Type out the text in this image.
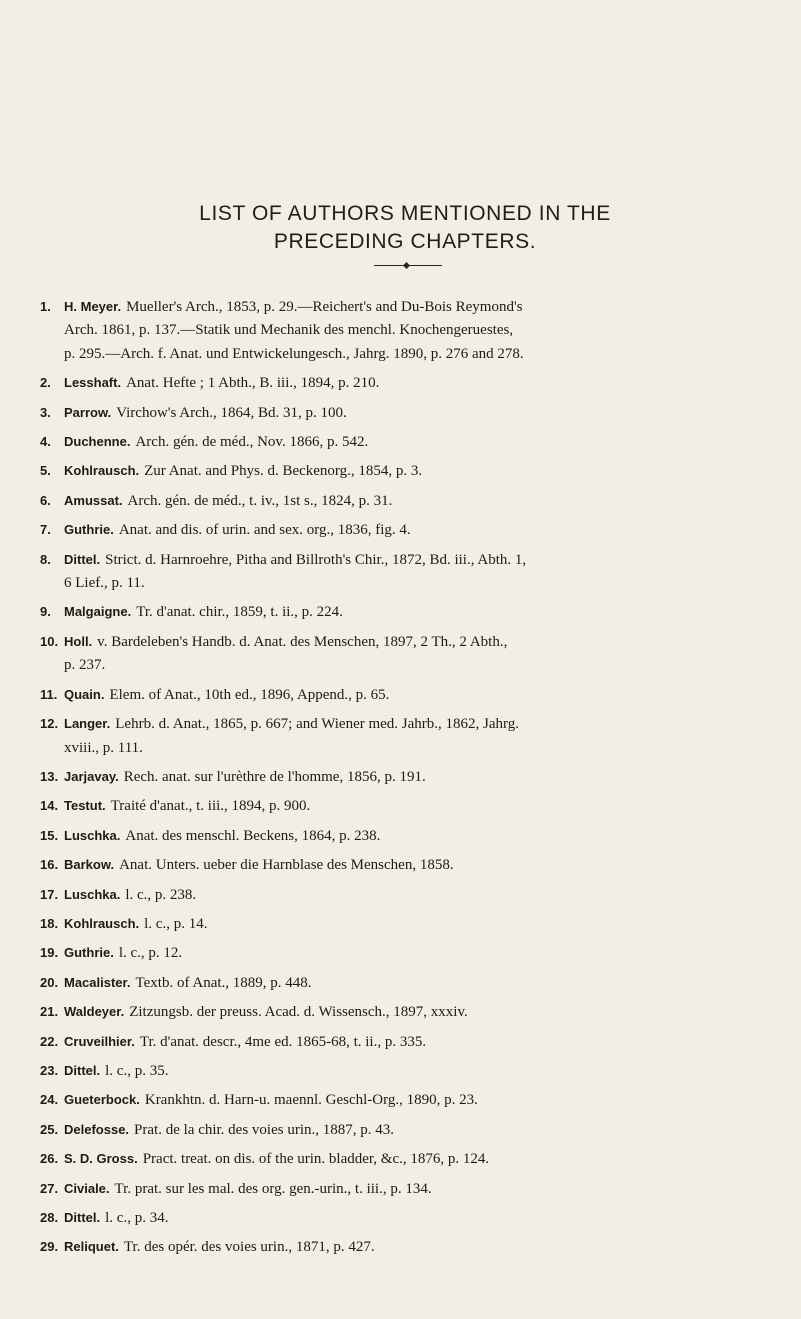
LIST OF AUTHORS MENTIONED IN THE
PRECEDING CHAPTERS.
1.	H. Meyer. Mueller's Arch., 1853, p. 29.—Reichert's and Du-Bois Reymond's
Arch. 1861, p. 137.—Statik und Mechanik des menchl. Knochengeruestes,
p. 295.—Arch. f. Anat. und Entwickelungesch., Jahrg. 1890, p. 276 and 278.
2.	Lesshaft. Anat. Hefte ; 1 Abth., B. iii., 1894, p. 210.
3.	Parrow. Virchow's Arch., 1864, Bd. 31, p. 100.
4.	Duchenne. Arch. gén. de méd., Nov. 1866, p. 542.
5.	Kohlrausch. Zur Anat. and Phys. d. Beckenorg., 1854, p. 3.
6.	Amussat. Arch. gén. de méd., t. iv., 1st s., 1824, p. 31.
7.	Guthrie. Anat. and dis. of urin. and sex. org., 1836, fig. 4.
8.	Dittel. Strict. d. Harnroehre, Pitha and Billroth's Chir., 1872, Bd. iii., Abth. 1,
6 Lief., p. 11.
9.	Malgaigne. Tr. d'anat. chir., 1859, t. ii., p. 224.
10. Holl. v. Bardeleben's Handb. d. Anat. des Menschen, 1897, 2 Th., 2 Abth.,
p. 237.
11. Quain. Elem. of Anat., 10th ed., 1896, Append., p. 65.
12. Langer. Lehrb. d. Anat., 1865, p. 667; and Wiener med. Jahrb., 1862, Jahrg.
xviii., p. 111.
13. Jarjavay. Rech. anat. sur l'urèthre de l'homme, 1856, p. 191.
14. Testut. Traité d'anat., t. iii., 1894, p. 900.
15. Luschka. Anat. des menschl. Beckens, 1864, p. 238.
16. Barkow. Anat. Unters. ueber die Harnblase des Menschen, 1858.
17. Luschka. l. c., p. 238.
18. Kohlrausch. l. c., p. 14.
19. Guthrie. l. c., p. 12.
20. Macalister. Textb. of Anat., 1889, p. 448.
21. Waldeyer. Zitzungsb. der preuss. Acad. d. Wissensch., 1897, xxxiv.
22. Cruveilhier. Tr. d'anat. descr., 4me ed. 1865-68, t. ii., p. 335.
23. Dittel. l. c., p. 35.
24. Gueterbock. Krankhtn. d. Harn-u. maennl. Geschl-Org., 1890, p. 23.
25. Delefosse. Prat. de la chir. des voies urin., 1887, p. 43.
26. S. D. Gross. Pract. treat. on dis. of the urin. bladder, &c., 1876, p. 124.
27. Civiale. Tr. prat. sur les mal. des org. gen.-urin., t. iii., p. 134.
28. Dittel. l. c., p. 34.
29. Reliquet. Tr. des opér. des voies urin., 1871, p. 427.
